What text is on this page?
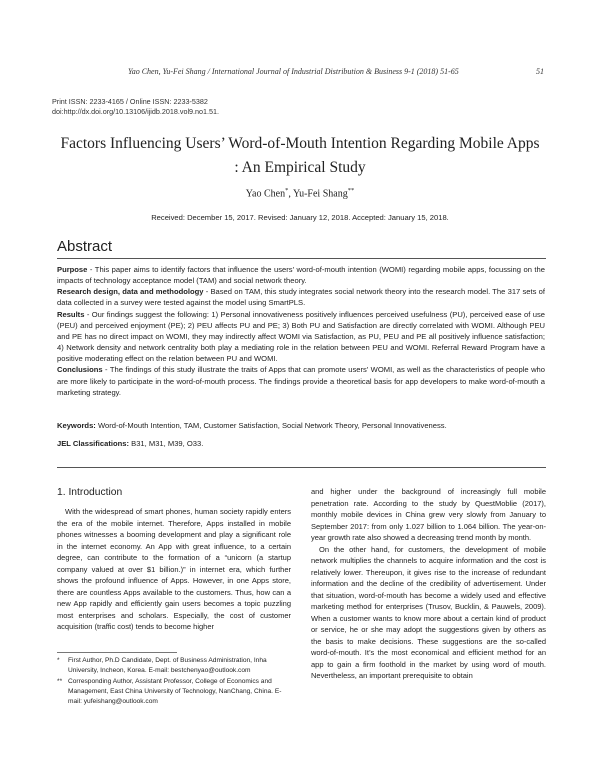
Yao Chen, Yu-Fei Shang / International Journal of Industrial Distribution & Business 9-1 (2018) 51-65	51
Print ISSN: 2233-4165 / Online ISSN: 2233-5382
doi:http://dx.doi.org/10.13106/ijidb.2018.vol9.no1.51.
Factors Influencing Users’ Word-of-Mouth Intention Regarding Mobile Apps
: An Empirical Study
Yao Chen*, Yu-Fei Shang**
Received: December 15, 2017. Revised: January 12, 2018. Accepted: January 15, 2018.
Abstract

Purpose - This paper aims to identify factors that influence the users' word-of-mouth intention (WOMI) regarding mobile apps, focussing on the impacts of technology acceptance model (TAM) and social network theory.

Research design, data and methodology - Based on TAM, this study integrates social network theory into the research model. The 317 sets of data collected in a survey were tested against the model using SmartPLS.

Results - Our findings suggest the following: 1) Personal innovativeness positively influences perceived usefulness (PU), perceived ease of use (PEU) and perceived enjoyment (PE); 2) PEU affects PU and PE; 3) Both PU and Satisfaction are directly correlated with WOMI. Although PEU and PE has no direct impact on WOMI, they may indirectly affect WOMI via Satisfaction, as PU, PEU and PE all positively influence satisfaction; 4) Network density and network centrality both play a mediating role in the relation between PEU and WOMI. Referral Reward Program have a positive moderating effect on the relation between PU and WOMI.

Conclusions - The findings of this study illustrate the traits of Apps that can promote users' WOMI, as well as the characteristics of people who are more likely to participate in the word-of-mouth process. The findings provide a theoretical basis for app developers to make word-of-mouth a marketing strategy.

Keywords: Word-of-Mouth Intention, TAM, Customer Satisfaction, Social Network Theory, Personal Innovativeness.
JEL Classifications: B31, M31, M39, O33.
1. Introduction

With the widespread of smart phones, human society rapidly enters the era of the mobile internet. Therefore, Apps installed in mobile phones witnesses a booming development and play a significant role in the internet economy. An App with great influence, to a certain degree, can contribute to the formation of a “unicorn (a startup company valued at over $1 billion.)” in internet era, which further shows the profound influence of Apps. However, in one Apps store, there are countless Apps available to the customers. Thus, how can a new App rapidly and efficiently gain users becomes a topic puzzling most enterprises and scholars. Especially, the cost of customer acquisition (traffic cost) tends to become higher

and higher under the background of increasingly full mobile penetration rate. According to the study by QuestMoblie (2017), monthly mobile devices in China grew very slowly from January to September 2017: from only 1.027 billion to 1.064 billion. The year-on-year growth rate also showed a decreasing trend month by month.

On the other hand, for customers, the development of mobile network multiplies the channels to acquire information and the cost is relatively lower. Thereupon, it gives rise to the increase of redundant information and the decline of the credibility of advertisement. Under that situation, word-of-mouth has become a widely used and effective marketing method for enterprises (Trusov, Bucklin, & Pauwels, 2009). When a customer wants to know more about a certain kind of product or service, he or she may adopt the suggestions given by others as the basis to make decisions. These suggestions are the so-called word-of-mouth. It’s the most economical and efficient method for an app to gain a firm foothold in the market by using word of mouth. Nevertheless, an important prerequisite to obtain

* First Author, Ph.D Candidate, Dept. of Business Administration, Inha University, Incheon, Korea. E-mail: bestchenyao@outlook.com
** Corresponding Author, Assistant Professor, College of Economics and Management, East China University of Technology, NanChang, China. E-mail: yufeishang@outlook.com
